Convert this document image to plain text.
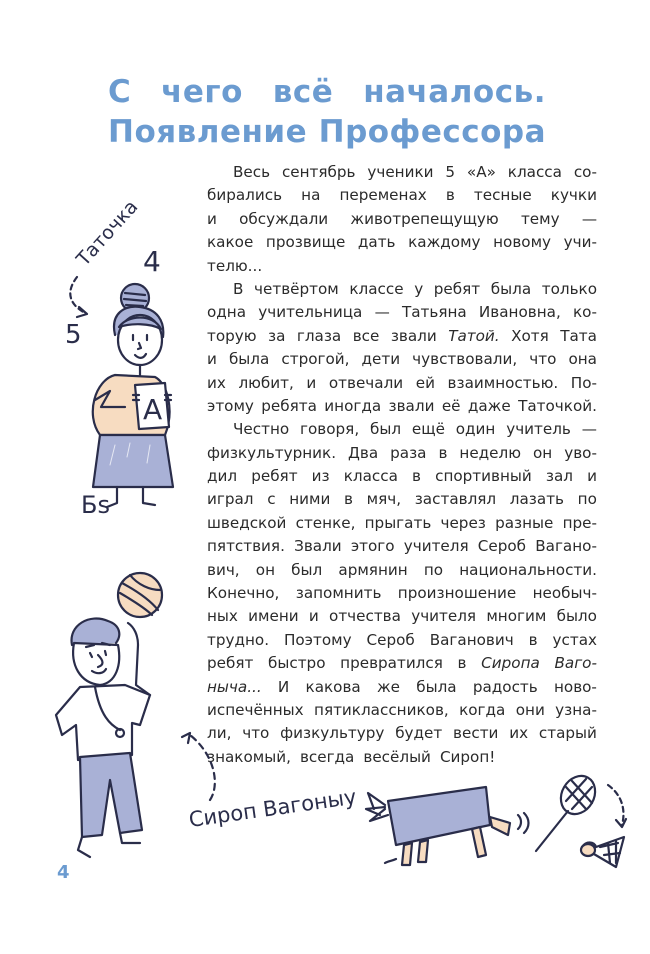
С чего всё началось.
Появление Профессора
Весь сентябрь ученики 5 «А» класса со-
бирались на переменах в тесные кучки
и обсуждали животрепещущую тему —
какое прозвище дать каждому новому учи-
телю...
В четвёртом классе у ребят была только
одна учительница — Татьяна Ивановна, ко-
торую за глаза все звали Татой. Хотя Тата
и была строгой, дети чувствовали, что она
их любит, и отвечали ей взаимностью. По-
этому ребята иногда звали её даже Таточкой.
Честно говоря, был ещё один учитель —
физкультурник. Два раза в неделю он уво-
дил ребят из класса в спортивный зал и
играл с ними в мяч, заставлял лазать по
шведской стенке, прыгать через разные пре-
пятствия. Звали этого учителя Сероб Вагано-
вич, он был армянин по национальности.
Конечно, запомнить произношение необыч-
ных имени и отчества учителя многим было
трудно. Поэтому Сероб Ваганович в устах
ребят быстро превратился в Сиропа Ваго-
ныча... И какова же была радость ново-
испечённых пятиклассников, когда они узна-
ли, что физкультуру будет вести их старый
знакомый, всегда весёлый Сироп!
Таточка 4
5
А
Бs
Сироп Вагоныу
4
